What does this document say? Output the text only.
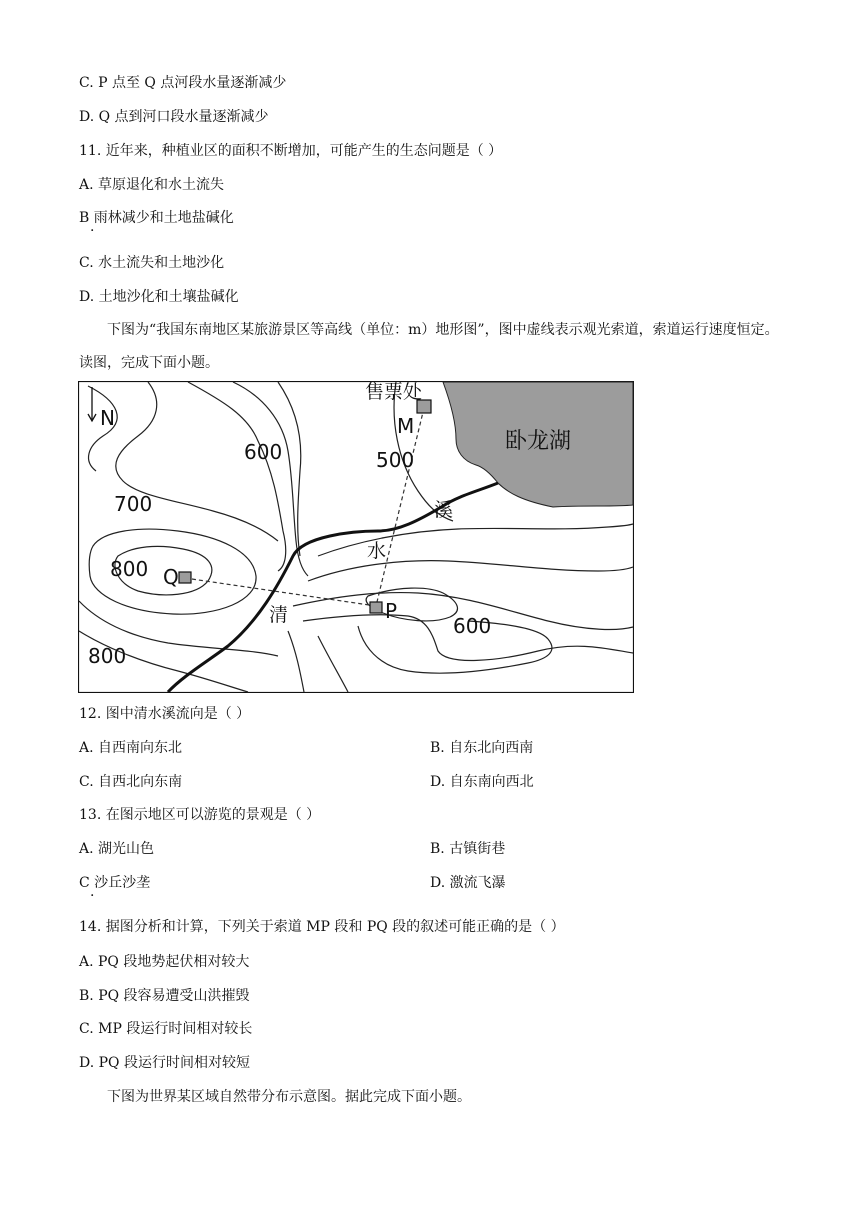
C. P 点至 Q 点河段水量逐渐减少
D. Q 点到河口段水量逐渐减少
11. 近年来，种植业区的面积不断增加，可能产生的生态问题是（ ）
A. 草原退化和水土流失
B 雨林减少和土地盐碱化
·
C. 水土流失和土地沙化
D. 土地沙化和土壤盐碱化
下图为“我国东南地区某旅游景区等高线（单位：m）地形图”，图中虚线表示观光索道，索道运行速度恒定。读图，完成下面小题。
N
600	500
700
800
600
800
M
Q
P
售票处
卧龙湖
溪
水
清
12. 图中清水溪流向是（ ）
A. 自西南向东北	B. 自东北向西南
C. 自西北向东南	D. 自东南向西北
13. 在图示地区可以游览的景观是（ ）
A. 湖光山色	B. 古镇街巷
C 沙丘沙垄
·
D. 激流飞瀑
14. 据图分析和计算，下列关于索道 MP 段和 PQ 段的叙述可能正确的是（ ）
A. PQ 段地势起伏相对较大
B. PQ 段容易遭受山洪摧毁
C. MP 段运行时间相对较长
D. PQ 段运行时间相对较短
下图为世界某区域自然带分布示意图。据此完成下面小题。
